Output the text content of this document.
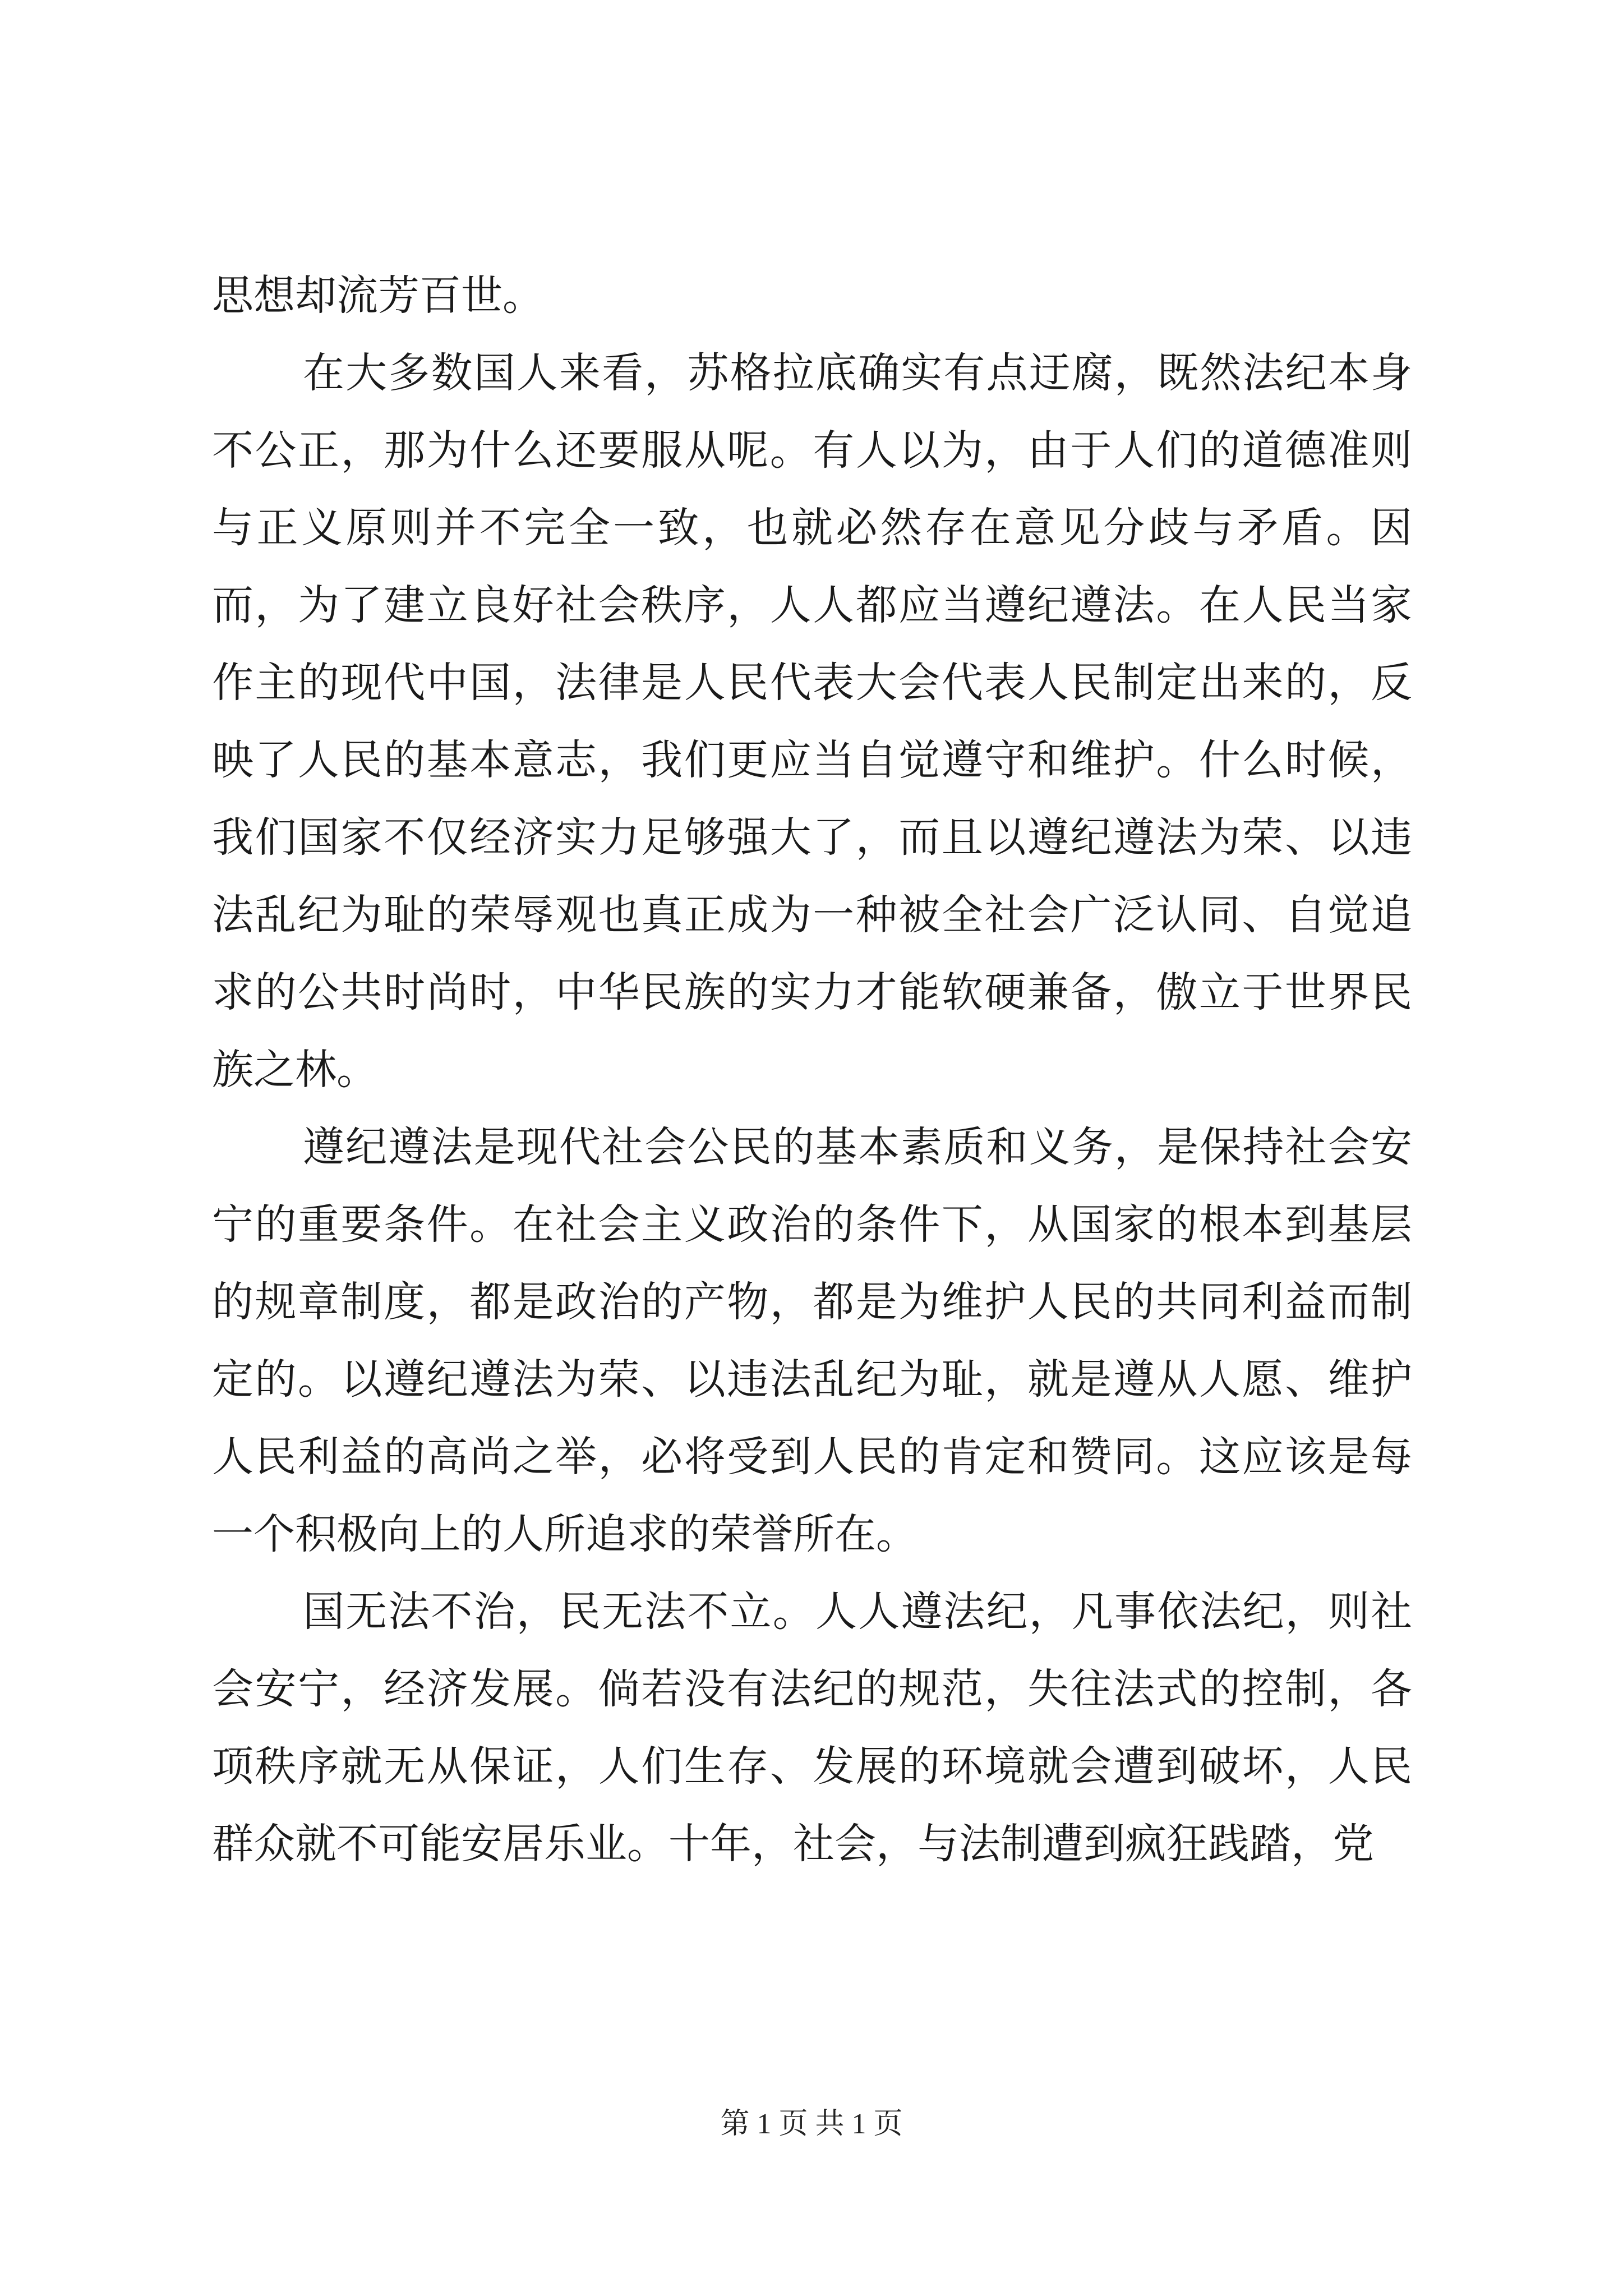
思想却流芳百世。

在大多数国人来看，苏格拉底确实有点迂腐，既然法纪本身不公正，那为什么还要服从呢。有人以为，由于人们的道德准则与正义原则并不完全一致，也就必然存在意见分歧与矛盾。因而，为了建立良好社会秩序，人人都应当遵纪遵法。在人民当家作主的现代中国，法律是人民代表大会代表人民制定出来的，反映了人民的基本意志，我们更应当自觉遵守和维护。什么时候，我们国家不仅经济实力足够强大了，而且以遵纪遵法为荣、以违法乱纪为耻的荣辱观也真正成为一种被全社会广泛认同、自觉追求的公共时尚时，中华民族的实力才能软硬兼备，傲立于世界民族之林。

遵纪遵法是现代社会公民的基本素质和义务，是保持社会安宁的重要条件。在社会主义政治的条件下，从国家的根本到基层的规章制度，都是政治的产物，都是为维护人民的共同利益而制定的。以遵纪遵法为荣、以违法乱纪为耻，就是遵从人愿、维护人民利益的高尚之举，必将受到人民的肯定和赞同。这应该是每一个积极向上的人所追求的荣誉所在。

国无法不治，民无法不立。人人遵法纪，凡事依法纪，则社会安宁，经济发展。倘若没有法纪的规范，失往法式的控制，各项秩序就无从保证，人们生存、发展的环境就会遭到破坏，人民群众就不可能安居乐业。十年，社会，与法制遭到疯狂践踏，党

第 1 页 共 1 页
